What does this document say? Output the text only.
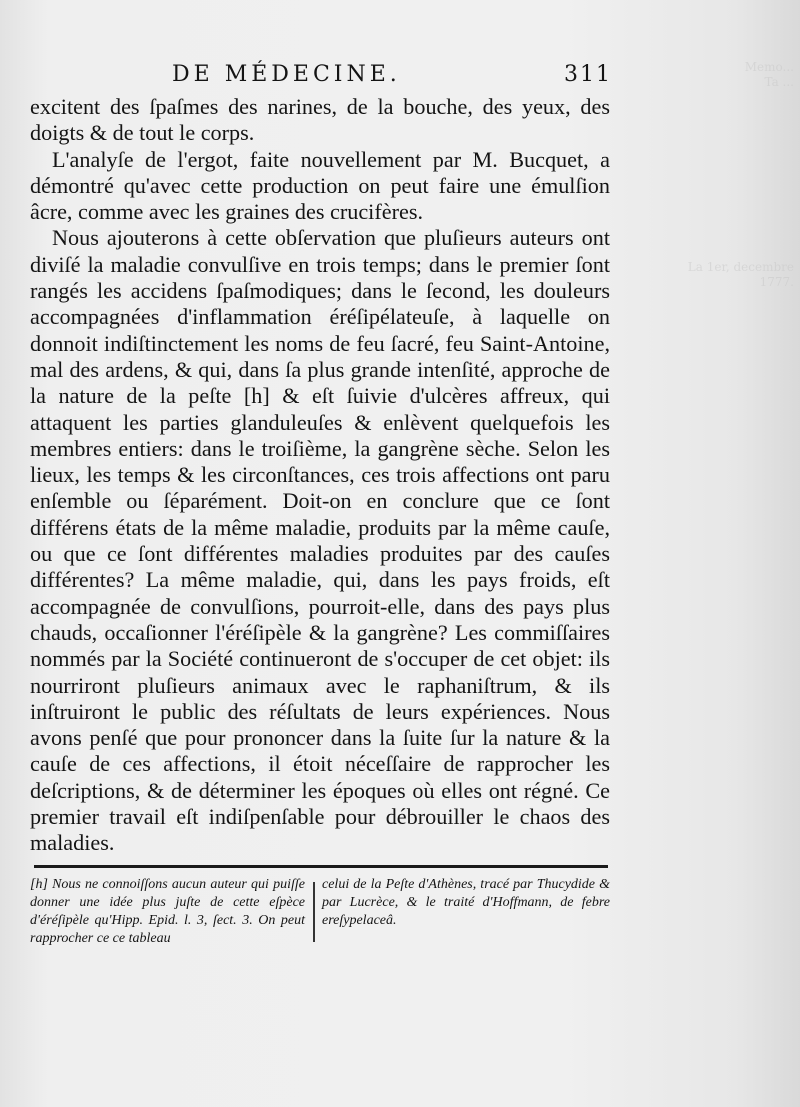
Memo...
Ta ...
La 1er, decembre
1777.
DE MÉDECINE.	311

excitent des ſpaſmes des narines, de la bouche, des yeux, des doigts & de tout le corps.

L'analyſe de l'ergot, faite nouvellement par M. Bucquet, a démontré qu'avec cette production on peut faire une émulſion âcre, comme avec les graines des crucifères.

Nous ajouterons à cette obſervation que pluſieurs auteurs ont diviſé la maladie convulſive en trois temps; dans le premier ſont rangés les accidens ſpaſmodiques; dans le ſecond, les douleurs accompagnées d'inflammation éréſipélateuſe, à laquelle on donnoit indiſtinctement les noms de feu ſacré, feu Saint-Antoine, mal des ardens, & qui, dans ſa plus grande intenſité, approche de la nature de la peſte [h] & eſt ſuivie d'ulcères affreux, qui attaquent les parties glanduleuſes & enlèvent quelquefois les membres entiers: dans le troiſième, la gangrène sèche. Selon les lieux, les temps & les circonſtances, ces trois affections ont paru enſemble ou ſéparément. Doit-on en conclure que ce ſont différens états de la même maladie, produits par la même cauſe, ou que ce ſont différentes maladies produites par des cauſes différentes? La même maladie, qui, dans les pays froids, eſt accompagnée de convulſions, pourroit-elle, dans des pays plus chauds, occaſionner l'éréſipèle & la gangrène? Les commiſſaires nommés par la Société continueront de s'occuper de cet objet: ils nourriront pluſieurs animaux avec le raphaniſtrum, & ils inſtruiront le public des réſultats de leurs expériences. Nous avons penſé que pour prononcer dans la ſuite ſur la nature & la cauſe de ces affections, il étoit néceſſaire de rapprocher les deſcriptions, & de déterminer les époques où elles ont régné. Ce premier travail eſt indiſpenſable pour débrouiller le chaos des maladies.

[h] Nous ne connoiſſons aucun auteur qui puiſſe donner une idée plus juſte de cette eſpèce d'éréſipèle qu'Hipp. Epid. l. 3, ſect. 3. On peut rapprocher ce ce tableau
celui de la Peſte d'Athènes, tracé par Thucydide & par Lucrèce, & le traité d'Hoffmann, de febre ereſypelaceâ.
